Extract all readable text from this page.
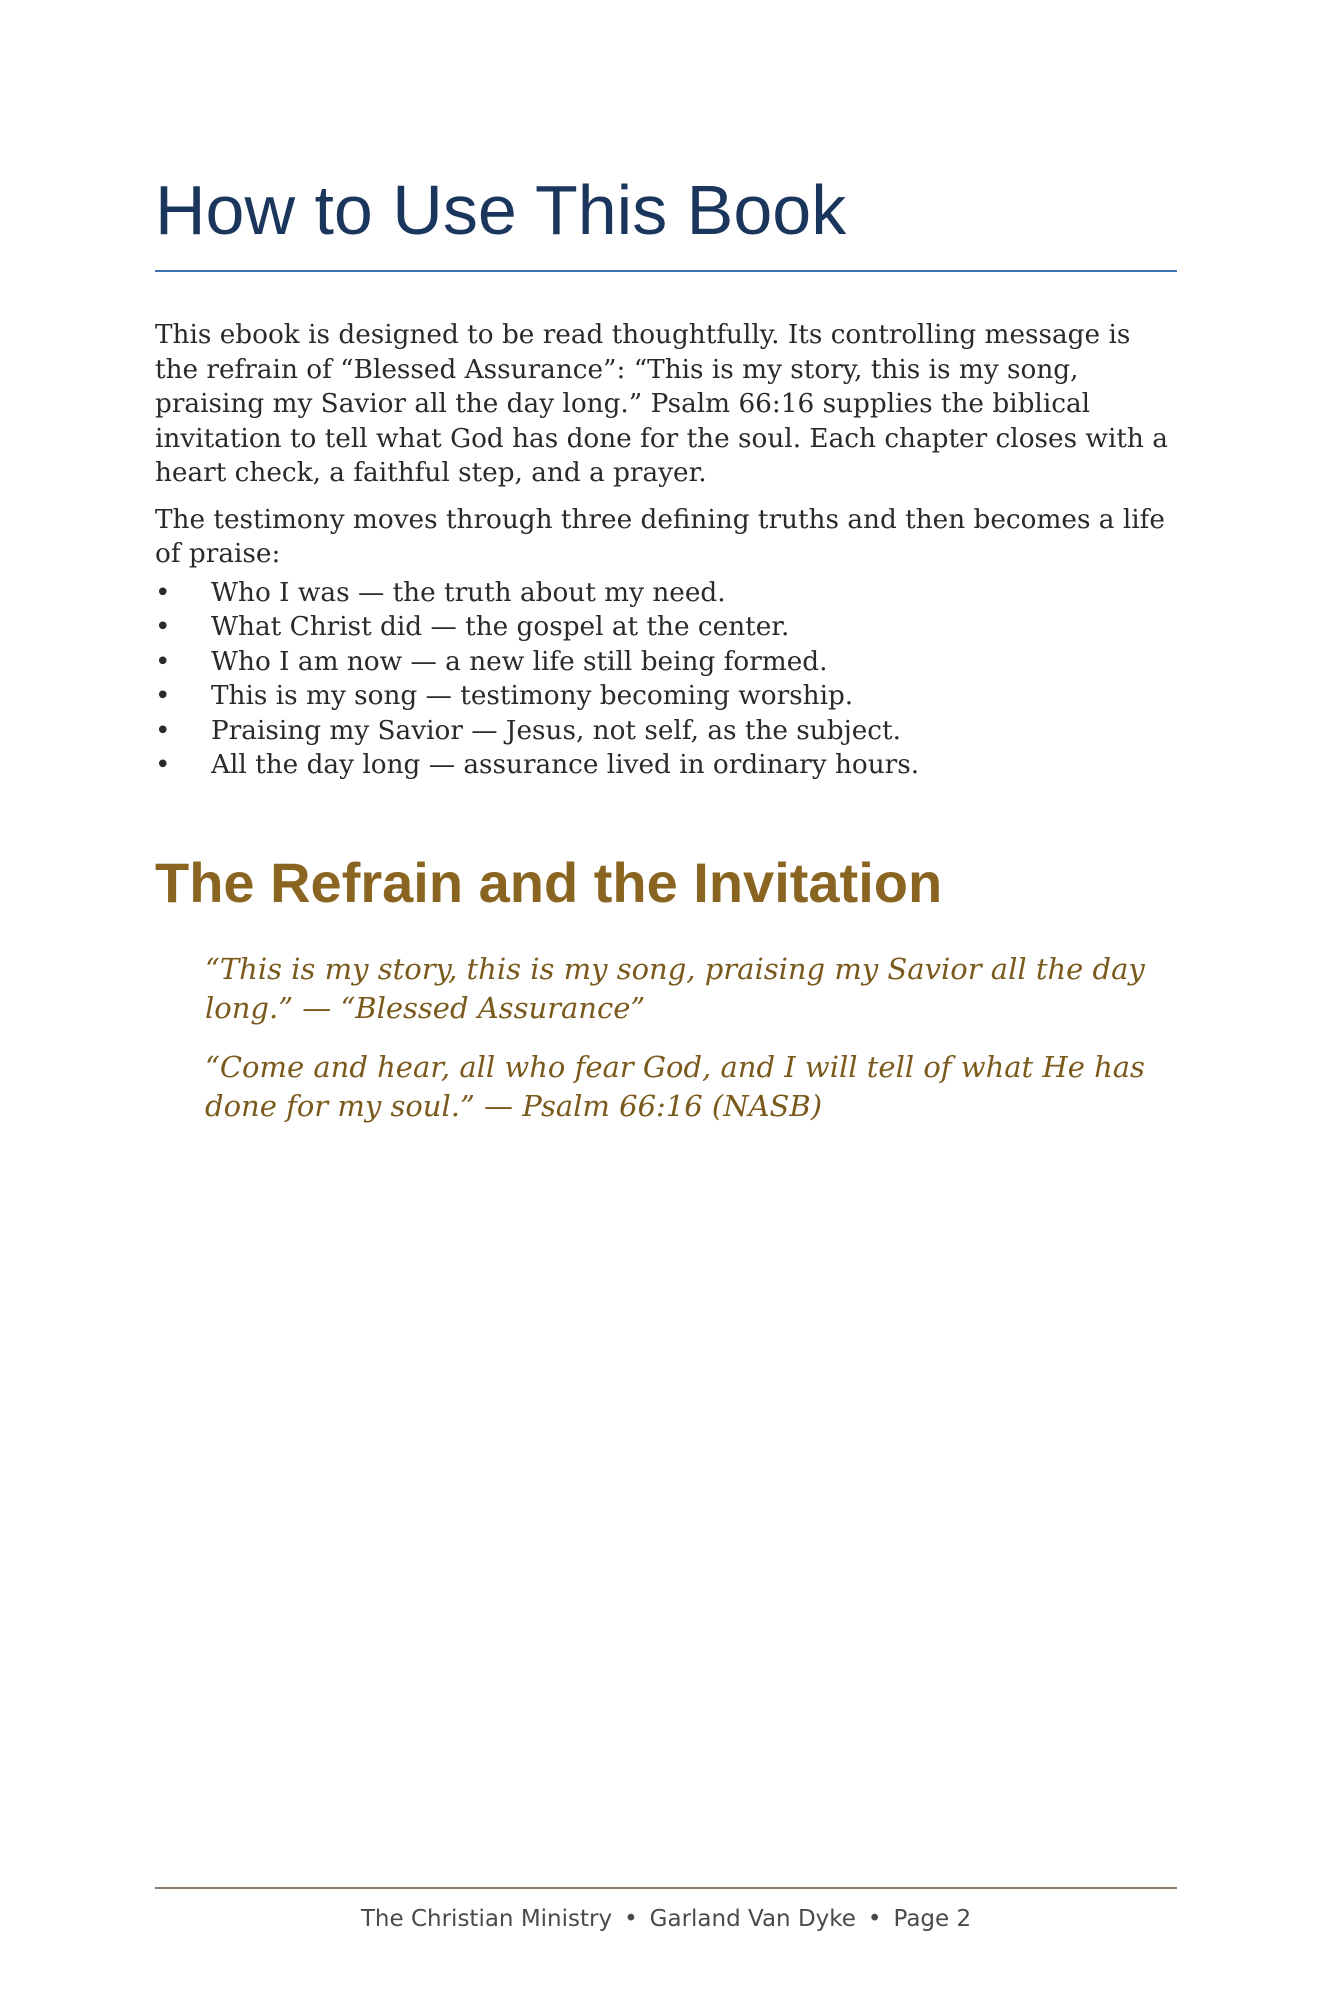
How to Use This Book

This ebook is designed to be read thoughtfully. Its controlling message is the refrain of “Blessed Assurance”: “This is my story, this is my song, praising my Savior all the day long.” Psalm 66:16 supplies the biblical invitation to tell what God has done for the soul. Each chapter closes with a heart check, a faithful step, and a prayer.

The testimony moves through three defining truths and then becomes a life of praise:

• Who I was — the truth about my need.
• What Christ did — the gospel at the center.
• Who I am now — a new life still being formed.
• This is my song — testimony becoming worship.
• Praising my Savior — Jesus, not self, as the subject.
• All the day long — assurance lived in ordinary hours.
The Refrain and the Invitation

“This is my story, this is my song, praising my Savior all the day long.” — “Blessed Assurance”

“Come and hear, all who fear God, and I will tell of what He has done for my soul.” — Psalm 66:16 (NASB)

The Christian Ministry • Garland Van Dyke • Page 2
